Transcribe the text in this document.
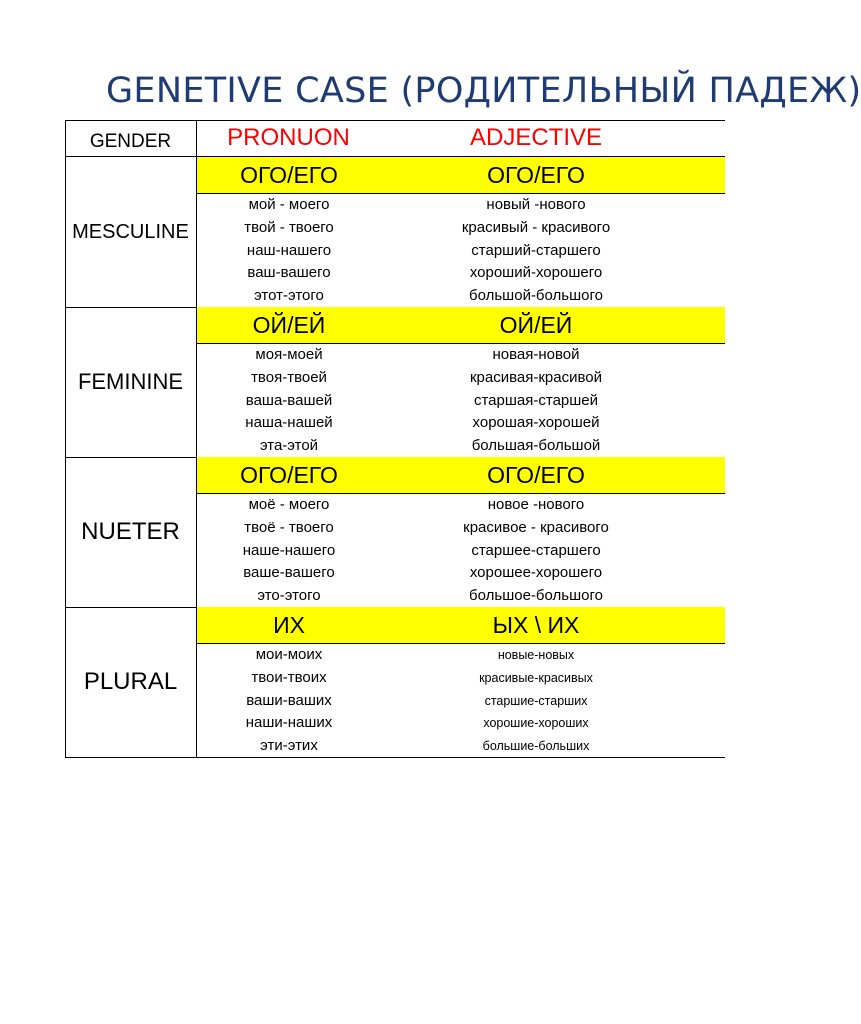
GENETIVE CASE (РОДИТЕЛЬНЫЙ ПАДЕЖ)
GENDER	PRONUON	ADJECTIVE
MESCULINE
ОГО/ЕГО	ОГО/ЕГО
мой - моего	новый -нового
твой - твоего	красивый - красивого
наш-нашего	старший-старшего
ваш-вашего	хороший-хорошего
этот-этого	большой-большого
FEMININE
ОЙ/ЕЙ	ОЙ/ЕЙ
моя-моей	новая-новой
твоя-твоей	красивая-красивой
ваша-вашей	старшая-старшей
наша-нашей	хорошая-хорошей
эта-этой	большая-большой
NUETER
ОГО/ЕГО	ОГО/ЕГО
моё - моего	новое -нового
твоё - твоего	красивое - красивого
наше-нашего	старшее-старшего
ваше-вашего	хорошее-хорошего
это-этого	большое-большого
PLURAL
ИХ	ЫХ \ ИХ
мои-моих	новые-новых
твои-твоих	красивые-красивых
ваши-ваших	старшие-старших
наши-наших	хорошие-хороших
эти-этих	большие-больших
